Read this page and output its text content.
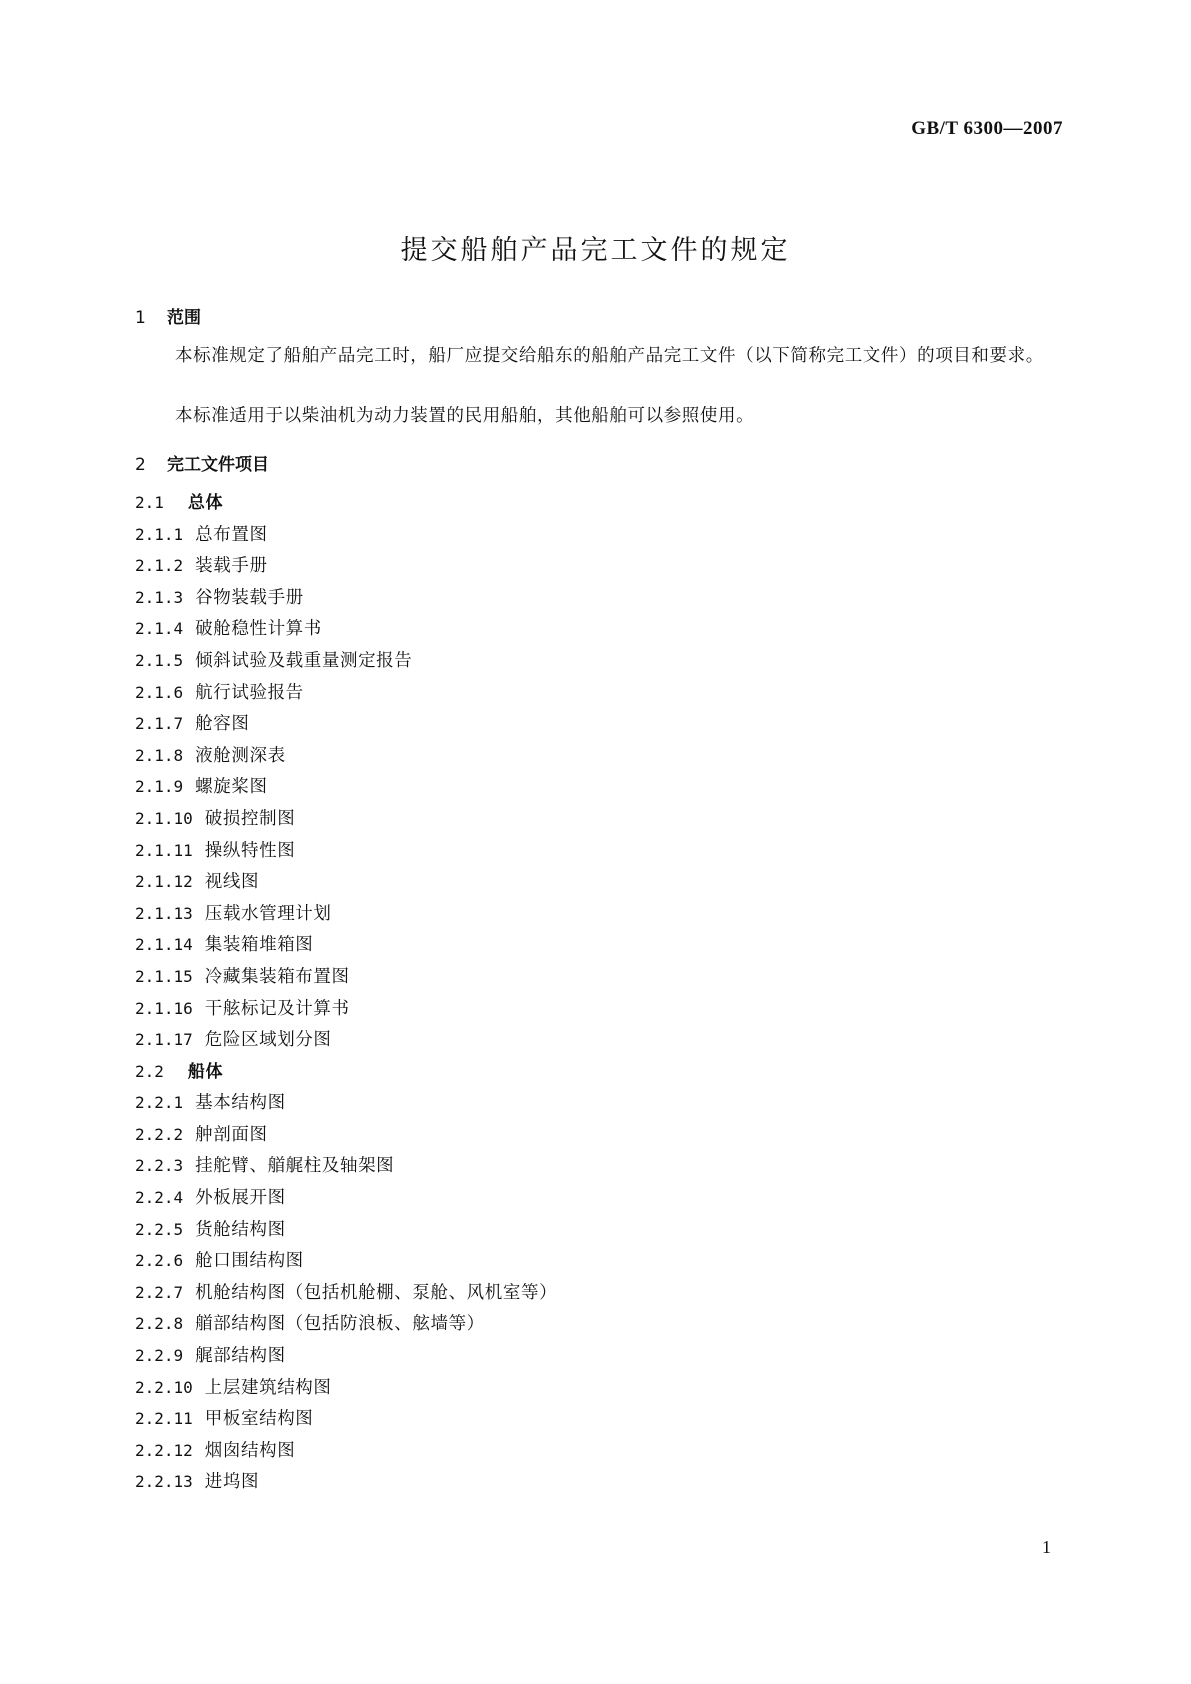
GB/T 6300—2007
提交船舶产品完工文件的规定
1 范围
本标准规定了船舶产品完工时，船厂应提交给船东的船舶产品完工文件（以下简称完工文件）的项目和要求。
本标准适用于以柴油机为动力装置的民用船舶，其他船舶可以参照使用。
2 完工文件项目
2.1 总体
2.1.1 总布置图
2.1.2 装载手册
2.1.3 谷物装载手册
2.1.4 破舱稳性计算书
2.1.5 倾斜试验及载重量测定报告
2.1.6 航行试验报告
2.1.7 舱容图
2.1.8 液舱测深表
2.1.9 螺旋桨图
2.1.10 破损控制图
2.1.11 操纵特性图
2.1.12 视线图
2.1.13 压载水管理计划
2.1.14 集装箱堆箱图
2.1.15 冷藏集装箱布置图
2.1.16 干舷标记及计算书
2.1.17 危险区域划分图
2.2 船体
2.2.1 基本结构图
2.2.2 舯剖面图
2.2.3 挂舵臂、艏艉柱及轴架图
2.2.4 外板展开图
2.2.5 货舱结构图
2.2.6 舱口围结构图
2.2.7 机舱结构图（包括机舱棚、泵舱、风机室等）
2.2.8 艏部结构图（包括防浪板、舷墙等）
2.2.9 艉部结构图
2.2.10 上层建筑结构图
2.2.11 甲板室结构图
2.2.12 烟囱结构图
2.2.13 进坞图
1
